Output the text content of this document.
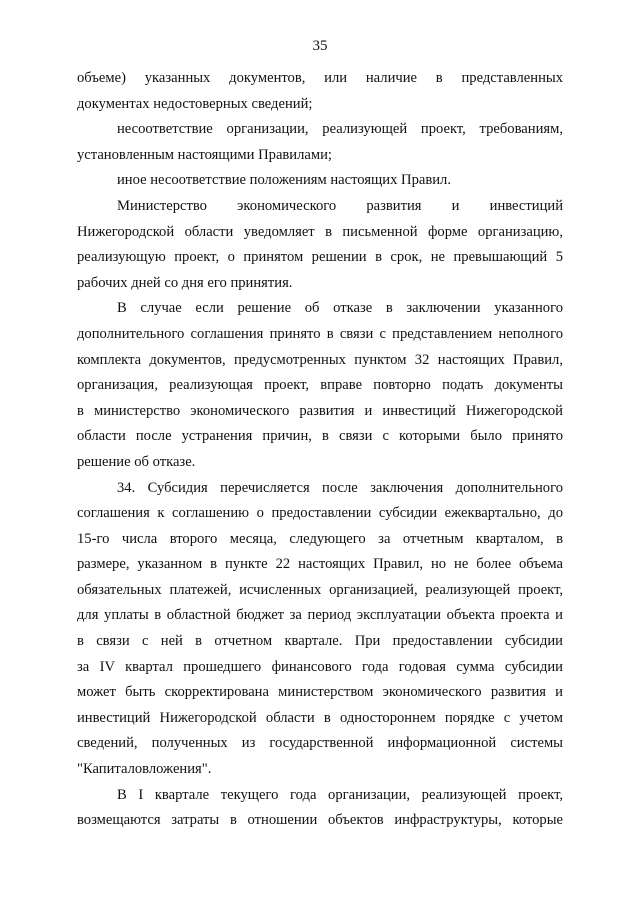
35
объеме) указанных документов, или наличие в представленных
документах недостоверных сведений;
несоответствие организации, реализующей проект, требованиям,
установленным настоящими Правилами;
иное несоответствие положениям настоящих Правил.
Министерство экономического развития и инвестиций
Нижегородской области уведомляет в письменной форме организацию,
реализующую проект, о принятом решении в срок, не превышающий 5
рабочих дней со дня его принятия.
В случае если решение об отказе в заключении указанного
дополнительного соглашения принято в связи с представлением неполного
комплекта документов, предусмотренных пунктом 32 настоящих Правил,
организация, реализующая проект, вправе повторно подать документы
в министерство экономического развития и инвестиций Нижегородской
области после устранения причин, в связи с которыми было принято
решение об отказе.
34. Субсидия перечисляется после заключения дополнительного
соглашения к соглашению о предоставлении субсидии ежеквартально, до
15-го числа второго месяца, следующего за отчетным кварталом, в
размере, указанном в пункте 22 настоящих Правил, но не более объема
обязательных платежей, исчисленных организацией, реализующей проект,
для уплаты в областной бюджет за период эксплуатации объекта проекта и
в связи с ней в отчетном квартале. При предоставлении субсидии
за IV квартал прошедшего финансового года годовая сумма субсидии
может быть скорректирована министерством экономического развития и
инвестиций Нижегородской области в одностороннем порядке с учетом
сведений, полученных из государственной информационной системы
"Капиталовложения".
В I квартале текущего года организации, реализующей проект,
возмещаются затраты в отношении объектов инфраструктуры, которые
